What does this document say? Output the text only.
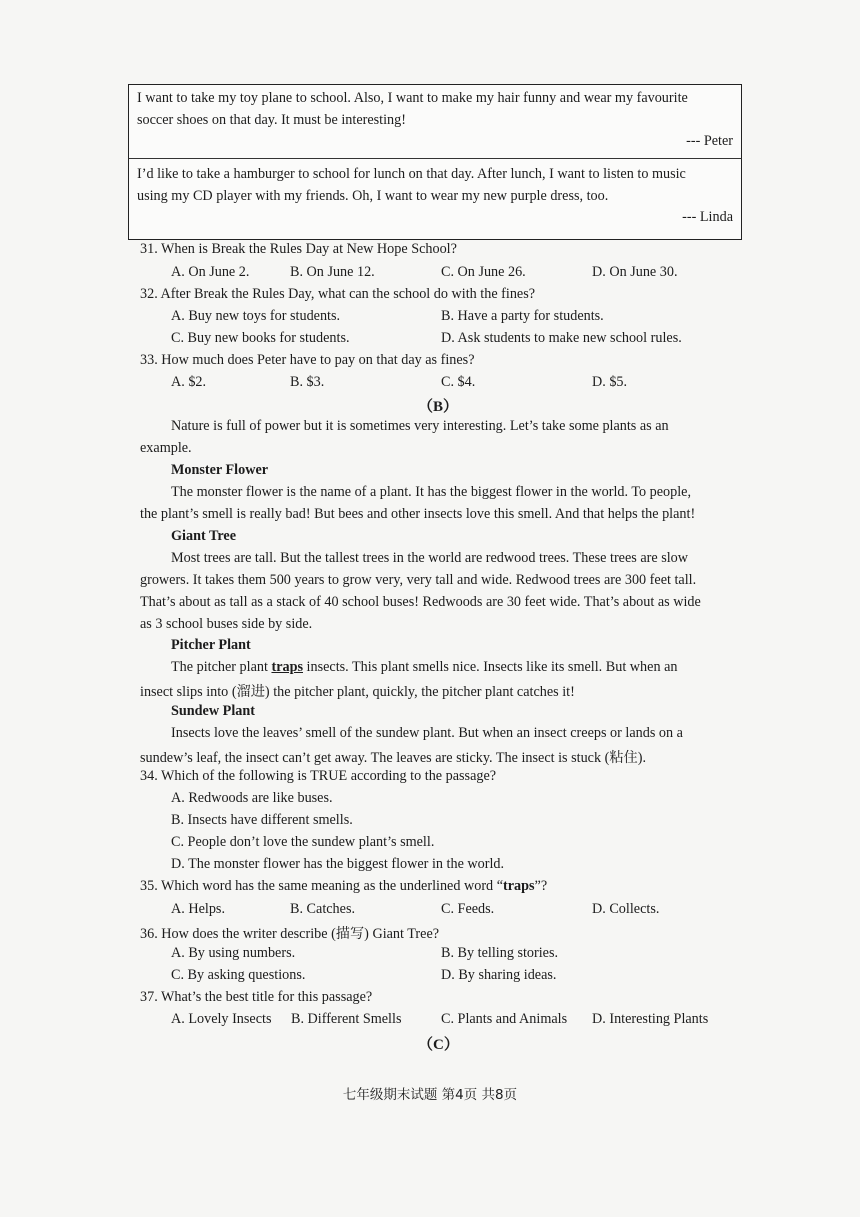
I want to take my toy plane to school. Also, I want to make my hair funny and wear my favourite
soccer shoes on that day. It must be interesting!
--- Peter
I’d like to take a hamburger to school for lunch on that day. After lunch, I want to listen to music
using my CD player with my friends. Oh, I want to wear my new purple dress, too.
--- Linda
31. When is Break the Rules Day at New Hope School?
A. On June 2.	B. On June 12.	C. On June 26.	D. On June 30.
32. After Break the Rules Day, what can the school do with the fines?
A. Buy new toys for students.	B. Have a party for students.
C. Buy new books for students.	D. Ask students to make new school rules.
33. How much does Peter have to pay on that day as fines?
A. $2.	B. $3.	C. $4.	D. $5.
（B）
Nature is full of power but it is sometimes very interesting. Let’s take some plants as an
example.
Monster Flower
The monster flower is the name of a plant. It has the biggest flower in the world. To people,
the plant’s smell is really bad! But bees and other insects love this smell. And that helps the plant!
Giant Tree
Most trees are tall. But the tallest trees in the world are redwood trees. These trees are slow
growers. It takes them 500 years to grow very, very tall and wide. Redwood trees are 300 feet tall.
That’s about as tall as a stack of 40 school buses! Redwoods are 30 feet wide. That’s about as wide
as 3 school buses side by side.
Pitcher Plant
The pitcher plant traps insects. This plant smells nice. Insects like its smell. But when an
insect slips into (溜进) the pitcher plant, quickly, the pitcher plant catches it!
Sundew Plant
Insects love the leaves’ smell of the sundew plant. But when an insect creeps or lands on a
sundew’s leaf, the insect can’t get away. The leaves are sticky. The insect is stuck (粘住).
34. Which of the following is TRUE according to the passage?
A. Redwoods are like buses.
B. Insects have different smells.
C. People don’t love the sundew plant’s smell.
D. The monster flower has the biggest flower in the world.
35. Which word has the same meaning as the underlined word “traps”?
A. Helps.	B. Catches.	C. Feeds.	D. Collects.
36. How does the writer describe (描写) Giant Tree?
A. By using numbers.	B. By telling stories.
C. By asking questions.	D. By sharing ideas.
37. What’s the best title for this passage?
A. Lovely Insects B. Different Smells	C. Plants and Animals D. Interesting Plants
（C）
七年级期末试题 第4页 共8页
